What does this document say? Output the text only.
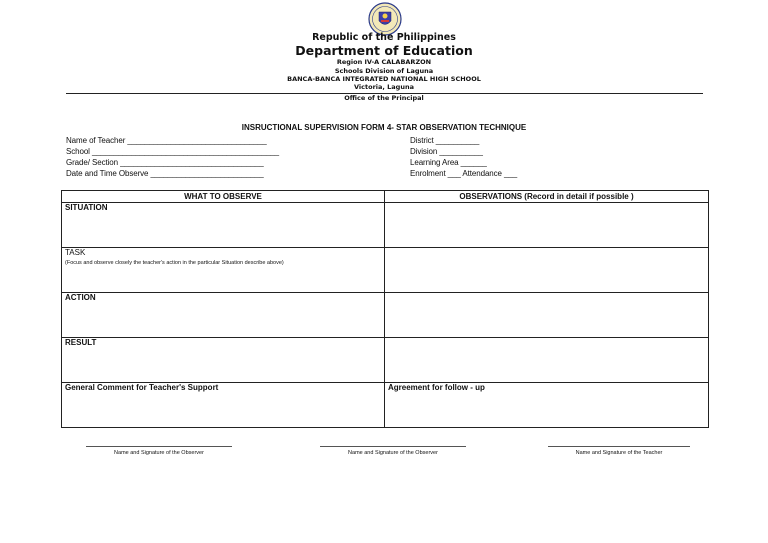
Republic of the Philippines
Department of Education
Region IV-A CALABARZON
Schools Division of Laguna
BANCA-BANCA INTEGRATED NATIONAL HIGH SCHOOL
Victoria, Laguna
Office of the Principal
INSRUCTIONAL SUPERVISION FORM 4- STAR OBSERVATION TECHNIQUE
Name of Teacher ________________________________
School ___________________________________________
Grade/ Section _________________________________
Date and Time Observe __________________________
District __________
Division __________
Learning Area ______
Enrolment ___ Attendance ___
WHAT TO OBSERVE	OBSERVATIONS (Record in detail if possible )

SITUATION	

TASK
(Focus and observe closely the teacher's action in the particular Situation describe above)	

ACTION	

RESULT	

General Comment for Teacher's Support	Agreement for follow - up
Name and Signature of the Observer	Name and Signature of the Observer	Name and Signature of the Teacher
